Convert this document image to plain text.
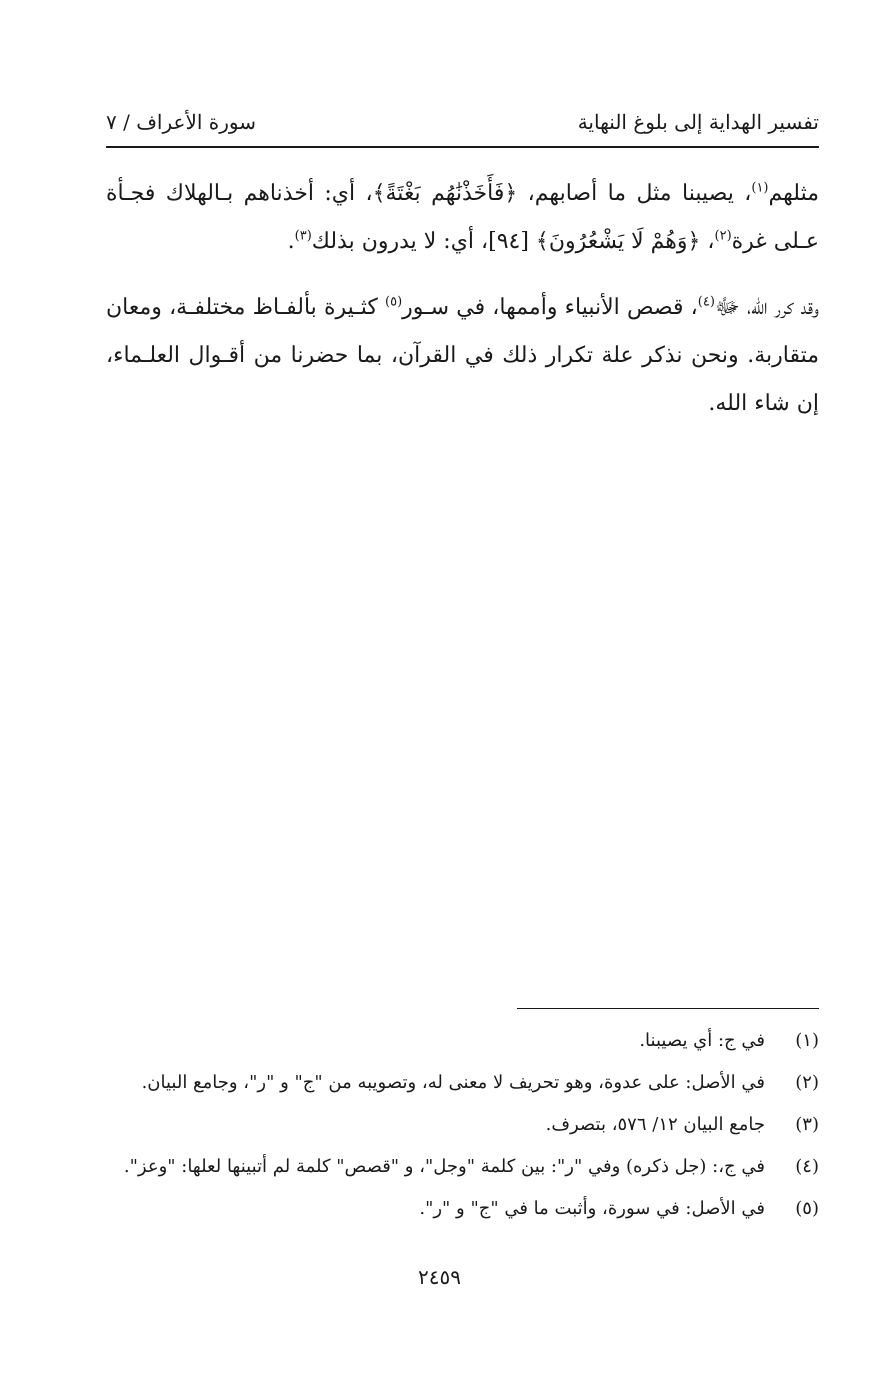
تفسير الهداية إلى بلوغ النهاية
سورة الأعراف / ٧

مثلهم$^{(١)}$، يصيبنا مثل ما أصابهم، ﴿فَأَخَذْنَٰهُم بَغْتَةً﴾، أي: أخذناهم بـالهلاك فجـأة عـلى غرة$^{(٢)}$، ﴿وَهُمْ لَا يَشْعُرُونَ﴾ [٩٤]، أي: لا يدرون بذلك$^{(٣)}$.

وقد كرر الله، ﷻ$^{(٤)}$، قصص الأنبياء وأممها، في سـور$^{(٥)}$ كثـيرة بألفـاظ مختلفـة، ومعان متقاربة. ونحن نذكر علة تكرار ذلك في القرآن، بما حضرنا من أقـوال العلـماء، إن شاء الله.

(١)
في ج: أي يصيبنا.
(٢)
في الأصل: على عدوة، وهو تحريف لا معنى له، وتصويبه من "ج" و "ر"، وجامع البيان.
(٣)
جامع البيان ١٢/ ٥٧٦، بتصرف.
(٤)
في ج،: (جل ذكره) وفي "ر": بين كلمة "وجل"، و "قصص" كلمة لم أتبينها لعلها: "وعز".
(٥)
في الأصل: في سورة، وأثبت ما في "ج" و "ر".
٢٤٥٩
